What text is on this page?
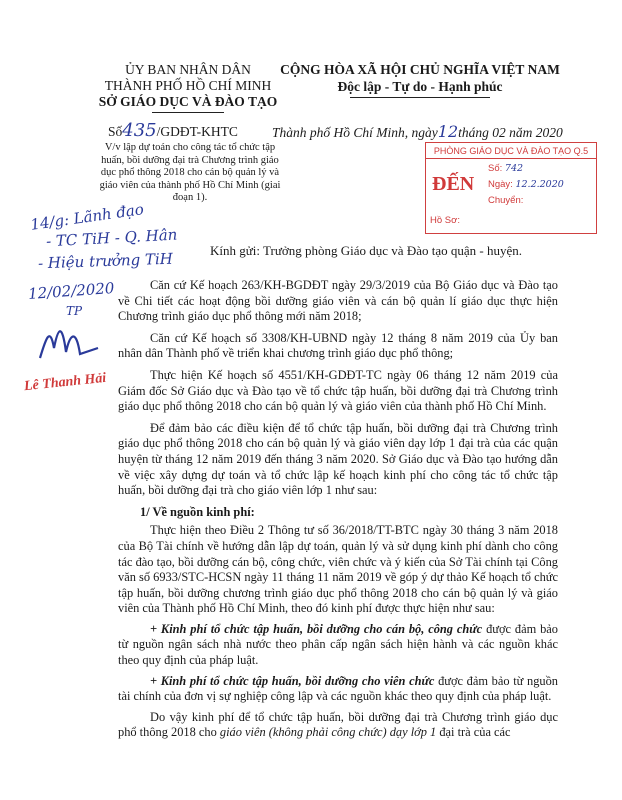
ỦY BAN NHÂN DÂN
THÀNH PHỐ HỒ CHÍ MINH
SỞ GIÁO DỤC VÀ ĐÀO TẠO
Số435/GDĐT-KHTC
V/v lập dự toán cho công tác tổ chức tập huấn, bồi dưỡng đại trà Chương trình giáo dục phổ thông 2018 cho cán bộ quản lý và giáo viên của thành phố Hồ Chí Minh (giai đoạn 1).
CỘNG HÒA XÃ HỘI CHỦ NGHĨA VIỆT NAM
Độc lập - Tự do - Hạnh phúc
Thành phố Hồ Chí Minh, ngày12tháng 02 năm 2020
PHÒNG GIÁO DỤC VÀ ĐÀO TẠO Q.5
ĐẾN
Số: 742
Ngày: 12.2.2020
Chuyển:
Hồ Sơ:
14/g: Lãnh đạo
- TC TiH - Q. Hân
- Hiệu trưởng TiH
12/02/2020
TP
Lê Thanh Hải
Kính gửi: Trưởng phòng Giáo dục và Đào tạo quận - huyện.

Căn cứ Kế hoạch 263/KH-BGDĐT ngày 29/3/2019 của Bộ Giáo dục và Đào tạo về Chi tiết các hoạt động bồi dưỡng giáo viên và cán bộ quản lí giáo dục thực hiện Chương trình giáo dục phổ thông mới năm 2018;

Căn cứ Kế hoạch số 3308/KH-UBND ngày 12 tháng 8 năm 2019 của Ủy ban nhân dân Thành phố về triển khai chương trình giáo dục phổ thông;

Thực hiện Kế hoạch số 4551/KH-GDĐT-TC ngày 06 tháng 12 năm 2019 của Giám đốc Sở Giáo dục và Đào tạo về tổ chức tập huấn, bồi dưỡng đại trà Chương trình giáo dục phổ thông 2018 cho cán bộ quản lý và giáo viên của thành phố Hồ Chí Minh.

Để đảm bảo các điều kiện để tổ chức tập huấn, bồi dưỡng đại trà Chương trình giáo dục phổ thông 2018 cho cán bộ quản lý và giáo viên dạy lớp 1 đại trà của các quận huyện từ tháng 12 năm 2019 đến tháng 3 năm 2020. Sở Giáo dục và Đào tạo hướng dẫn về việc xây dựng dự toán và tổ chức lập kế hoạch kinh phí cho công tác tổ chức tập huấn, bồi dưỡng đại trà cho giáo viên lớp 1 như sau:

1/ Về nguồn kinh phí:

Thực hiện theo Điều 2 Thông tư số 36/2018/TT-BTC ngày 30 tháng 3 năm 2018 của Bộ Tài chính về hướng dẫn lập dự toán, quản lý và sử dụng kinh phí dành cho công tác đào tạo, bồi dưỡng cán bộ, công chức, viên chức và ý kiến của Sở Tài chính tại Công văn số 6933/STC-HCSN ngày 11 tháng 11 năm 2019 về góp ý dự thảo Kế hoạch tổ chức tập huấn, bồi dưỡng chương trình giáo dục phổ thông 2018 cho cán bộ quản lý và giáo viên của Thành phố Hồ Chí Minh, theo đó kinh phí được thực hiện như sau:

+ Kinh phí tổ chức tập huấn, bồi dưỡng cho cán bộ, công chức được đảm bảo từ nguồn ngân sách nhà nước theo phân cấp ngân sách hiện hành và các nguồn khác theo quy định của pháp luật.

+ Kinh phí tổ chức tập huấn, bồi dưỡng cho viên chức được đảm bảo từ nguồn tài chính của đơn vị sự nghiệp công lập và các nguồn khác theo quy định của pháp luật.

Do vậy kinh phí để tổ chức tập huấn, bồi dưỡng đại trà Chương trình giáo dục phổ thông 2018 cho giáo viên (không phải công chức) dạy lớp 1 đại trà của các
